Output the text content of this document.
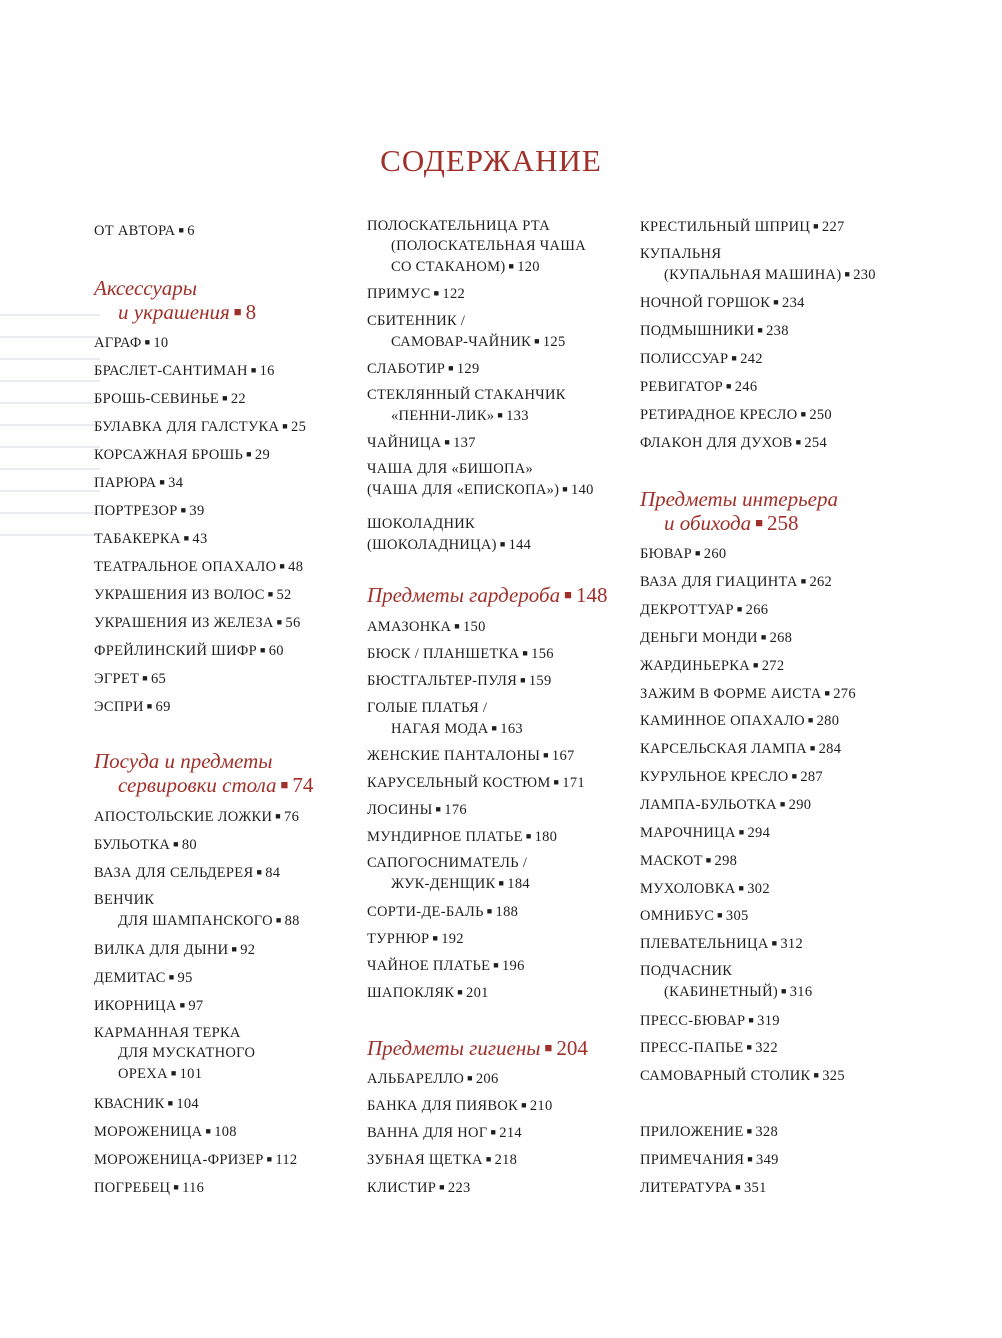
СОДЕРЖАНИЕ
ОТ АВТОРА ■ 6
Аксессуары
и украшения ■ 8
АГРАФ ■ 10
БРАСЛЕТ-САНТИМАН ■ 16
БРОШЬ-СЕВИНЬЕ ■ 22
БУЛАВКА ДЛЯ ГАЛСТУКА ■ 25
КОРСАЖНАЯ БРОШЬ ■ 29
ПАРЮРА ■ 34
ПОРТРЕЗОР ■ 39
ТАБАКЕРКА ■ 43
ТЕАТРАЛЬНОЕ ОПАХАЛО ■ 48
УКРАШЕНИЯ ИЗ ВОЛОС ■ 52
УКРАШЕНИЯ ИЗ ЖЕЛЕЗА ■ 56
ФРЕЙЛИНСКИЙ ШИФР ■ 60
ЭГРЕТ ■ 65
ЭСПРИ ■ 69
Посуда и предметы
сервировки стола ■ 74
АПОСТОЛЬСКИЕ ЛОЖКИ ■ 76
БУЛЬОТКА ■ 80
ВАЗА ДЛЯ СЕЛЬДЕРЕЯ ■ 84
ВЕНЧИК
ДЛЯ ШАМПАНСКОГО ■ 88
ВИЛКА ДЛЯ ДЫНИ ■ 92
ДЕМИТАС ■ 95
ИКОРНИЦА ■ 97
КАРМАННАЯ ТЕРКА
ДЛЯ МУСКАТНОГО
ОРЕХА ■ 101
КВАСНИК ■ 104
МОРОЖЕНИЦА ■ 108
МОРОЖЕНИЦА-ФРИЗЕР ■ 112
ПОГРЕБЕЦ ■ 116
ПОЛОСКАТЕЛЬНИЦА РТА
(ПОЛОСКАТЕЛЬНАЯ ЧАША
СО СТАКАНОМ) ■ 120
ПРИМУС ■ 122
СБИТЕННИК /
САМОВАР-ЧАЙНИК ■ 125
СЛАБОТИР ■ 129
СТЕКЛЯННЫЙ СТАКАНЧИК
«ПЕННИ-ЛИК» ■ 133
ЧАЙНИЦА ■ 137
ЧАША ДЛЯ «БИШОПА»
(ЧАША ДЛЯ «ЕПИСКОПА») ■ 140
ШОКОЛАДНИК
(ШОКОЛАДНИЦА) ■ 144
Предметы гардероба ■ 148
АМАЗОНКА ■ 150
БЮСК / ПЛАНШЕТКА ■ 156
БЮСТГАЛЬТЕР-ПУЛЯ ■ 159
ГОЛЫЕ ПЛАТЬЯ /
НАГАЯ МОДА ■ 163
ЖЕНСКИЕ ПАНТАЛОНЫ ■ 167
КАРУСЕЛЬНЫЙ КОСТЮМ ■ 171
ЛОСИНЫ ■ 176
МУНДИРНОЕ ПЛАТЬЕ ■ 180
САПОГОСНИМАТЕЛЬ /
ЖУК-ДЕНЩИК ■ 184
СОРТИ-ДЕ-БАЛЬ ■ 188
ТУРНЮР ■ 192
ЧАЙНОЕ ПЛАТЬЕ ■ 196
ШАПОКЛЯК ■ 201
Предметы гигиены ■ 204
АЛЬБАРЕЛЛО ■ 206
БАНКА ДЛЯ ПИЯВОК ■ 210
ВАННА ДЛЯ НОГ ■ 214
ЗУБНАЯ ЩЕТКА ■ 218
КЛИСТИР ■ 223
КРЕСТИЛЬНЫЙ ШПРИЦ ■ 227
КУПАЛЬНЯ
(КУПАЛЬНАЯ МАШИНА) ■ 230
НОЧНОЙ ГОРШОК ■ 234
ПОДМЫШНИКИ ■ 238
ПОЛИССУАР ■ 242
РЕВИГАТОР ■ 246
РЕТИРАДНОЕ КРЕСЛО ■ 250
ФЛАКОН ДЛЯ ДУХОВ ■ 254
Предметы интерьера
и обихода ■ 258
БЮВАР ■ 260
ВАЗА ДЛЯ ГИАЦИНТА ■ 262
ДЕКРОТТУАР ■ 266
ДЕНЬГИ МОНДИ ■ 268
ЖАРДИНЬЕРКА ■ 272
ЗАЖИМ В ФОРМЕ АИСТА ■ 276
КАМИННОЕ ОПАХАЛО ■ 280
КАРСЕЛЬСКАЯ ЛАМПА ■ 284
КУРУЛЬНОЕ КРЕСЛО ■ 287
ЛАМПА-БУЛЬОТКА ■ 290
МАРОЧНИЦА ■ 294
МАСКОТ ■ 298
МУХОЛОВКА ■ 302
ОМНИБУС ■ 305
ПЛЕВАТЕЛЬНИЦА ■ 312
ПОДЧАСНИК
(КАБИНЕТНЫЙ) ■ 316
ПРЕСС-БЮВАР ■ 319
ПРЕСС-ПАПЬЕ ■ 322
САМОВАРНЫЙ СТОЛИК ■ 325
ПРИЛОЖЕНИЕ ■ 328
ПРИМЕЧАНИЯ ■ 349
ЛИТЕРАТУРА ■ 351
